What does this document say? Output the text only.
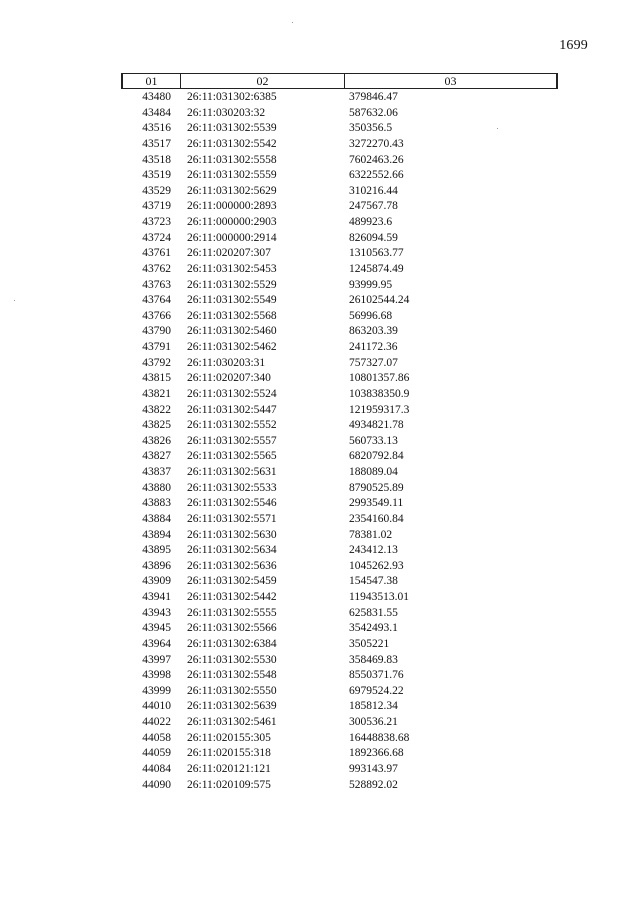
1699
01	02	03
43480	26:11:031302:6385	379846.47
43484	26:11:030203:32	587632.06
43516	26:11:031302:5539	350356.5
43517	26:11:031302:5542	3272270.43
43518	26:11:031302:5558	7602463.26
43519	26:11:031302:5559	6322552.66
43529	26:11:031302:5629	310216.44
43719	26:11:000000:2893	247567.78
43723	26:11:000000:2903	489923.6
43724	26:11:000000:2914	826094.59
43761	26:11:020207:307	1310563.77
43762	26:11:031302:5453	1245874.49
43763	26:11:031302:5529	93999.95
43764	26:11:031302:5549	26102544.24
43766	26:11:031302:5568	56996.68
43790	26:11:031302:5460	863203.39
43791	26:11:031302:5462	241172.36
43792	26:11:030203:31	757327.07
43815	26:11:020207:340	10801357.86
43821	26:11:031302:5524	103838350.9
43822	26:11:031302:5447	121959317.3
43825	26:11:031302:5552	4934821.78
43826	26:11:031302:5557	560733.13
43827	26:11:031302:5565	6820792.84
43837	26:11:031302:5631	188089.04
43880	26:11:031302:5533	8790525.89
43883	26:11:031302:5546	2993549.11
43884	26:11:031302:5571	2354160.84
43894	26:11:031302:5630	78381.02
43895	26:11:031302:5634	243412.13
43896	26:11:031302:5636	1045262.93
43909	26:11:031302:5459	154547.38
43941	26:11:031302:5442	11943513.01
43943	26:11:031302:5555	625831.55
43945	26:11:031302:5566	3542493.1
43964	26:11:031302:6384	3505221
43997	26:11:031302:5530	358469.83
43998	26:11:031302:5548	8550371.76
43999	26:11:031302:5550	6979524.22
44010	26:11:031302:5639	185812.34
44022	26:11:031302:5461	300536.21
44058	26:11:020155:305	16448838.68
44059	26:11:020155:318	1892366.68
44084	26:11:020121:121	993143.97
44090	26:11:020109:575	528892.02
